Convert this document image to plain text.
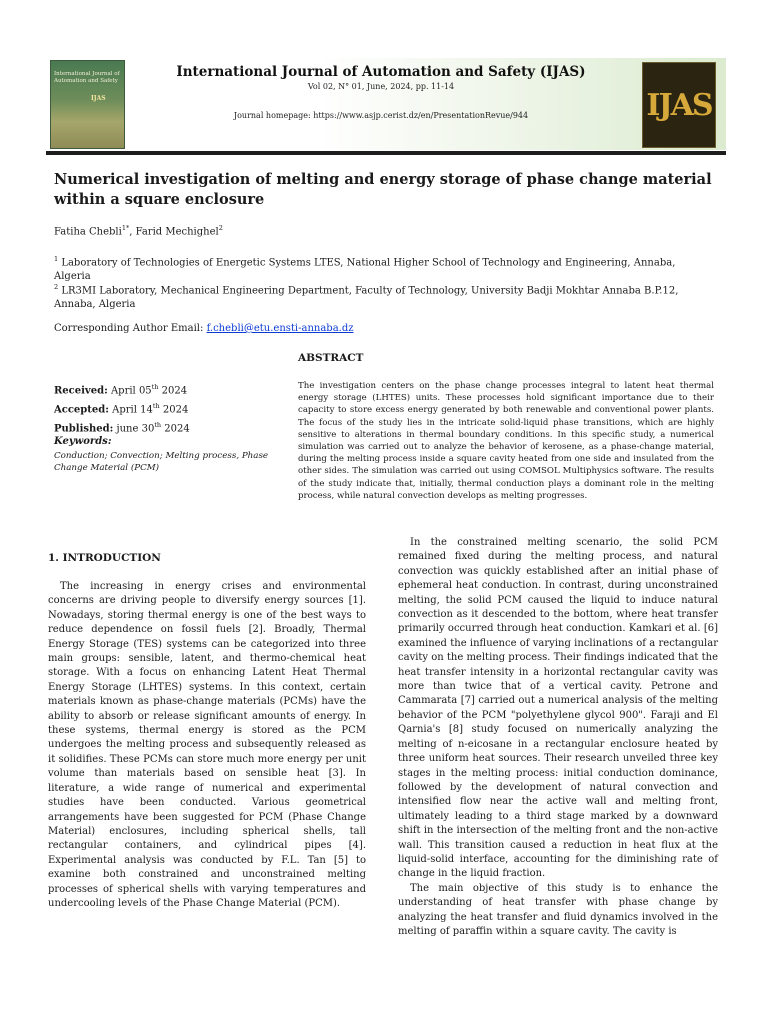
International Journal of Automation and Safety
IJAS
International Journal of Automation and Safety (IJAS)
Vol 02, N° 01, June, 2024, pp. 11-14
Journal homepage: https://www.asjp.cerist.dz/en/PresentationRevue/944	IJAS
Numerical investigation of melting and energy storage of phase change material within a square enclosure
Fatiha Chebli$^{1*}$, Farid Mechighel$^2$
$^1$ Laboratory of Technologies of Energetic Systems LTES, National Higher School of Technology and Engineering, Annaba, Algeria
$^2$ LR3MI Laboratory, Mechanical Engineering Department, Faculty of Technology, University Badji Mokhtar Annaba B.P.12, Annaba, Algeria
Corresponding Author Email: f.chebli@etu.ensti-annaba.dz
ABSTRACT
Received: April 05th 2024
Accepted: April 14th 2024
Published: june 30th 2024
Keywords:
Conduction; Convection; Melting process, Phase Change Material (PCM)
The investigation centers on the phase change processes integral to latent heat thermal energy storage (LHTES) units. These processes hold significant importance due to their capacity to store excess energy generated by both renewable and conventional power plants. The focus of the study lies in the intricate solid-liquid phase transitions, which are highly sensitive to alterations in thermal boundary conditions. In this specific study, a numerical simulation was carried out to analyze the behavior of kerosene, as a phase-change material, during the melting process inside a square cavity heated from one side and insulated from the other sides. The simulation was carried out using COMSOL Multiphysics software. The results of the study indicate that, initially, thermal conduction plays a dominant role in the melting process, while natural convection develops as melting progresses.
1. INTRODUCTION

The increasing in energy crises and environmental concerns are driving people to diversify energy sources [1]. Nowadays, storing thermal energy is one of the best ways to reduce dependence on fossil fuels [2]. Broadly, Thermal Energy Storage (TES) systems can be categorized into three main groups: sensible, latent, and thermo-chemical heat storage. With a focus on enhancing Latent Heat Thermal Energy Storage (LHTES) systems. In this context, certain materials known as phase-change materials (PCMs) have the ability to absorb or release significant amounts of energy. In these systems, thermal energy is stored as the PCM undergoes the melting process and subsequently released as it solidifies. These PCMs can store much more energy per unit volume than materials based on sensible heat [3]. In literature, a wide range of numerical and experimental studies have been conducted. Various geometrical arrangements have been suggested for PCM (Phase Change Material) enclosures, including spherical shells, tall rectangular containers, and cylindrical pipes [4]. Experimental analysis was conducted by F.L. Tan [5] to examine both constrained and unconstrained melting processes of spherical shells with varying temperatures and undercooling levels of the Phase Change Material (PCM).

In the constrained melting scenario, the solid PCM remained fixed during the melting process, and natural convection was quickly established after an initial phase of ephemeral heat conduction. In contrast, during unconstrained melting, the solid PCM caused the liquid to induce natural convection as it descended to the bottom, where heat transfer primarily occurred through heat conduction. Kamkari et al. [6] examined the influence of varying inclinations of a rectangular cavity on the melting process. Their findings indicated that the heat transfer intensity in a horizontal rectangular cavity was more than twice that of a vertical cavity. Petrone and Cammarata [7] carried out a numerical analysis of the melting behavior of the PCM "polyethylene glycol 900". Faraji and El Qarnia's [8] study focused on numerically analyzing the melting of n-eicosane in a rectangular enclosure heated by three uniform heat sources. Their research unveiled three key stages in the melting process: initial conduction dominance, followed by the development of natural convection and intensified flow near the active wall and melting front, ultimately leading to a third stage marked by a downward shift in the intersection of the melting front and the non-active wall. This transition caused a reduction in heat flux at the liquid-solid interface, accounting for the diminishing rate of change in the liquid fraction.

The main objective of this study is to enhance the understanding of heat transfer with phase change by analyzing the heat transfer and fluid dynamics involved in the melting of paraffin within a square cavity. The cavity is
